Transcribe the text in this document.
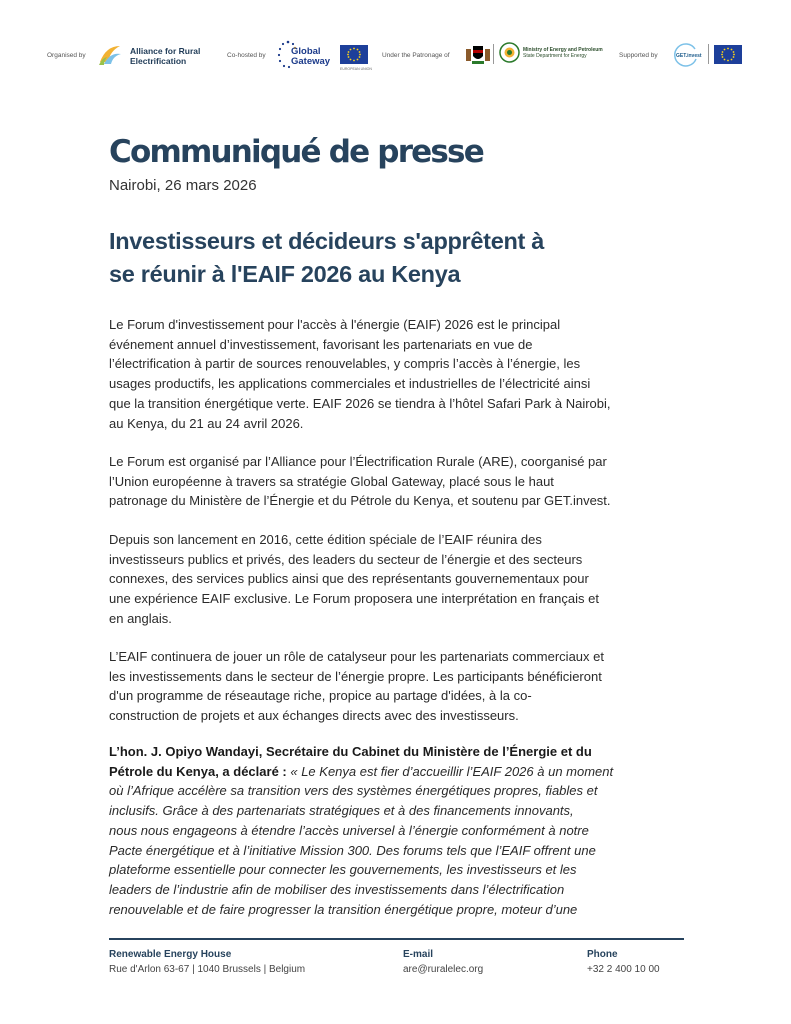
Organised by	Alliance for Rural
Electrification
Co-hosted by	Global
Gateway
EUROPEAN UNION
Under the Patronage of
Ministry of Energy and Petroleum
State Department for Energy	Supported by	GET.invest
Communiqué de presse
Nairobi, 26 mars 2026
Investisseurs et décideurs s'apprêtent à
se réunir à l'EAIF 2026 au Kenya
Le Forum d'investissement pour l'accès à l'énergie (EAIF) 2026 est le principal
événement annuel d’investissement, favorisant les partenariats en vue de
l’électrification à partir de sources renouvelables, y compris l’accès à l’énergie, les
usages productifs, les applications commerciales et industrielles de l’électricité ainsi
que la transition énergétique verte. EAIF 2026 se tiendra à l’hôtel Safari Park à Nairobi,
au Kenya, du 21 au 24 avril 2026.
Le Forum est organisé par l’Alliance pour l’Électrification Rurale (ARE), coorganisé par
l’Union européenne à travers sa stratégie Global Gateway, placé sous le haut
patronage du Ministère de l’Énergie et du Pétrole du Kenya, et soutenu par GET.invest.
Depuis son lancement en 2016, cette édition spéciale de l’EAIF réunira des
investisseurs publics et privés, des leaders du secteur de l’énergie et des secteurs
connexes, des services publics ainsi que des représentants gouvernementaux pour
une expérience EAIF exclusive. Le Forum proposera une interprétation en français et
en anglais.
L’EAIF continuera de jouer un rôle de catalyseur pour les partenariats commerciaux et
les investissements dans le secteur de l’énergie propre. Les participants bénéficieront
d'un programme de réseautage riche, propice au partage d'idées, à la co-
construction de projets et aux échanges directs avec des investisseurs.
L’hon. J. Opiyo Wandayi, Secrétaire du Cabinet du Ministère de l’Énergie et du
Pétrole du Kenya, a déclaré : « Le Kenya est fier d’accueillir l’EAIF 2026 à un moment
où l’Afrique accélère sa transition vers des systèmes énergétiques propres, fiables et
inclusifs. Grâce à des partenariats stratégiques et à des financements innovants,
nous nous engageons à étendre l’accès universel à l’énergie conformément à notre
Pacte énergétique et à l’initiative Mission 300. Des forums tels que l’EAIF offrent une
plateforme essentielle pour connecter les gouvernements, les investisseurs et les
leaders de l’industrie afin de mobiliser des investissements dans l’électrification
renouvelable et de faire progresser la transition énergétique propre, moteur d’une
Renewable Energy House
Rue d'Arlon 63-67 | 1040 Brussels | Belgium
E-mail
are@ruralelec.org
Phone
+32 2 400 10 00
